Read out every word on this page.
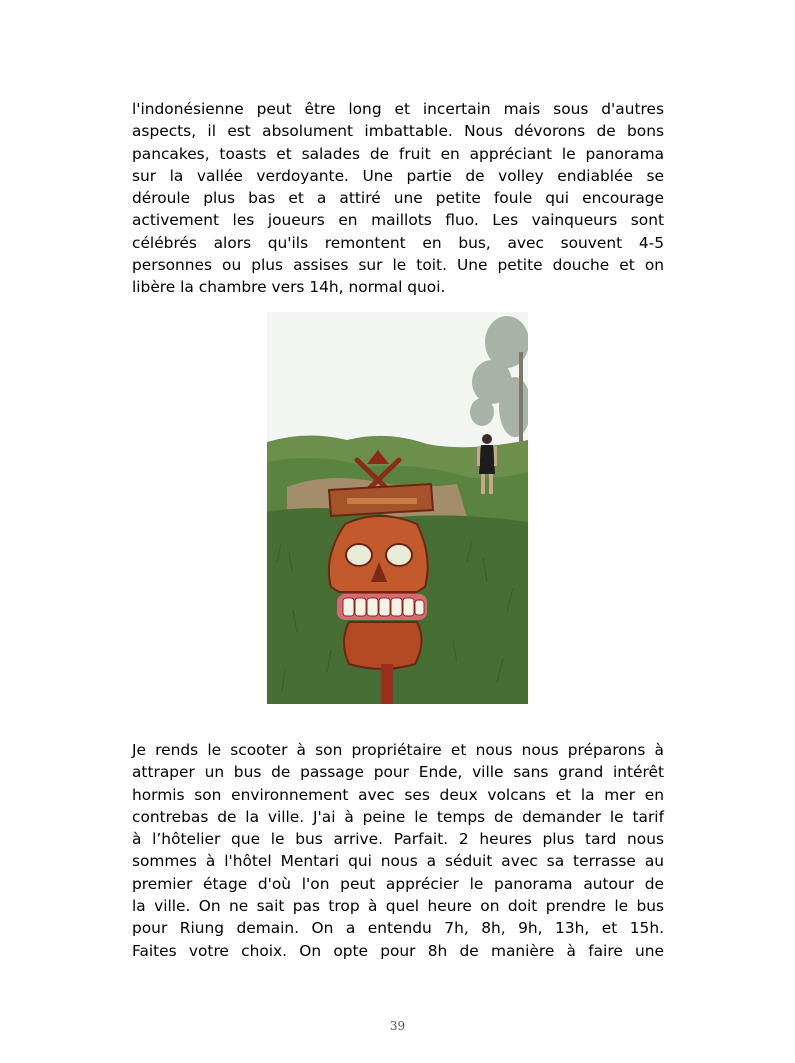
l'indonésienne peut être long et incertain mais sous d'autres
aspects, il est absolument imbattable. Nous dévorons de bons
pancakes, toasts et salades de fruit en appréciant le panorama
sur la vallée verdoyante. Une partie de volley endiablée se
déroule plus bas et a attiré une petite foule qui encourage
activement les joueurs en maillots fluo. Les vainqueurs sont
célébrés alors qu'ils remontent en bus, avec souvent 4-5
personnes ou plus assises sur le toit. Une petite douche et on
libère la chambre vers 14h, normal quoi.
Je rends le scooter à son propriétaire et nous nous préparons à
attraper un bus de passage pour Ende, ville sans grand intérêt
hormis son environnement avec ses deux volcans et la mer en
contrebas de la ville. J'ai à peine le temps de demander le tarif
à l’hôtelier que le bus arrive. Parfait. 2 heures plus tard nous
sommes à l'hôtel Mentari qui nous a séduit avec sa terrasse au
premier étage d'où l'on peut apprécier le panorama autour de
la ville. On ne sait pas trop à quel heure on doit prendre le bus
pour Riung demain. On a entendu 7h, 8h, 9h, 13h, et 15h.
Faites votre choix. On opte pour 8h de manière à faire une
39
